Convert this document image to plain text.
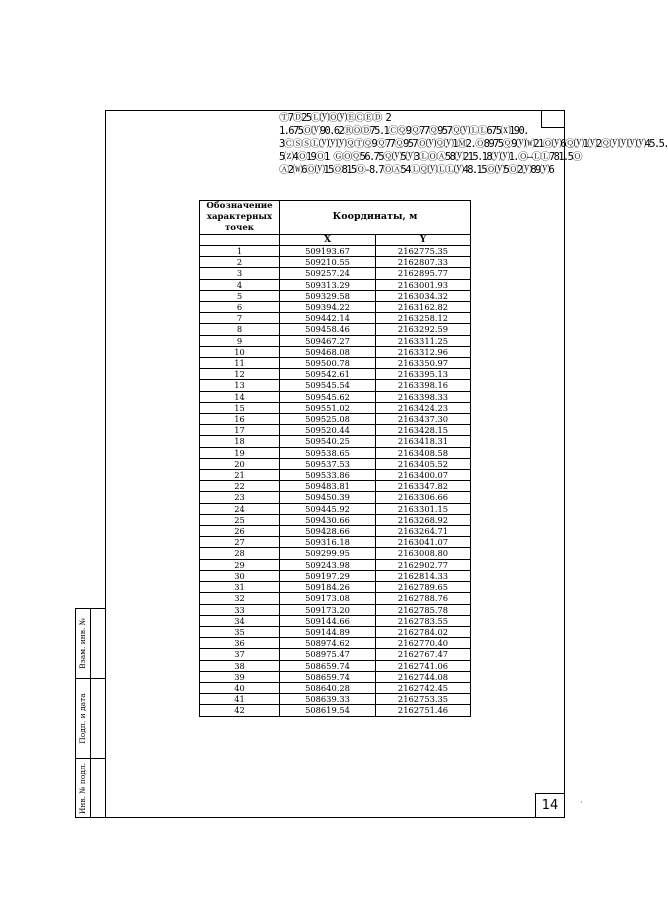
Ⓣ7Ⓓ25Ⓛ⒴Ⓞ⒴ⒺⒸⒺⒹ 2
1.675Ⓞ⒴90.62ⓇⓄⒹ75.1ⒸⓆ9Ⓠ77Ⓠ957Ⓠ⒴ⓁⓁ675⒳190.
3ⒸⓈⓈⓁ⒴⒴⒴ⓆⓉⓆ9Ⓠ77Ⓠ957Ⓞ⒴Ⓠ⒴1Ⓜ2.Ⓞ8975Ⓠ9⒴⒲21Ⓞ⒴6Ⓠ⒴1⒴2Ⓠ⒴⒴⒴⒴45.5.
5⒵4Ⓞ19Ⓞ1 ⒼⓄⓆ56.75Ⓠ⒴5⒴3ⓁⓄⒶ58⒴215.18⒴⒴1.Ⓞ—ⓁⓁ781.5Ⓞ
Ⓐ2⒲6Ⓞ⒴15Ⓞ815Ⓞ-8.7ⓄⒶ54ⓁⓆ⒴ⓁⓁ⒴48.15Ⓞ⒴5Ⓞ2⒴89⒴6
Обозначение характерных точек	Координаты, м	

	X	Y
1	509193.67	2162775.35
2	509210.55	2162807.33
3	509257.24	2162895.77
4	509313.29	2163001.93
5	509329.58	2163034.32
6	509394.22	2163162.82
7	509442.14	2163258.12
8	509458.46	2163292.59
9	509467.27	2163311.25
10	509468.08	2163312.96
11	509500.78	2163350.97
12	509542.61	2163395.13
13	509545.54	2163398.16
14	509545.62	2163398.33
15	509551.02	2163424.23
16	509525.08	2163437.30
17	509520.44	2163428.15
18	509540.25	2163418.31
19	509538.65	2163408.58
20	509537.53	2163405.52
21	509533.86	2163400.07
22	509483.81	2163347.82
23	509450.39	2163306.66
24	509445.92	2163301.15
25	509430.66	2163268.92
26	509428.66	2163264.71
27	509316.18	2163041.07
28	509299.95	2163008.80
29	509243.98	2162902.77
30	509197.29	2162814.33
31	509184.26	2162789.65
32	509173.08	2162788.76
33	509173.20	2162785.78
34	509144.66	2162783.55
35	509144.89	2162784.02
36	508974.62	2162770.40
37	508975.47	2162767.47
38	508659.74	2162741.06
39	508659.74	2162744.08
40	508640.28	2162742.45
41	508639.33	2162753.35
42	508619.54	2162751.46
Взам. инв. №
Подп. и дата
Инв. № подл.	14	ʼ
